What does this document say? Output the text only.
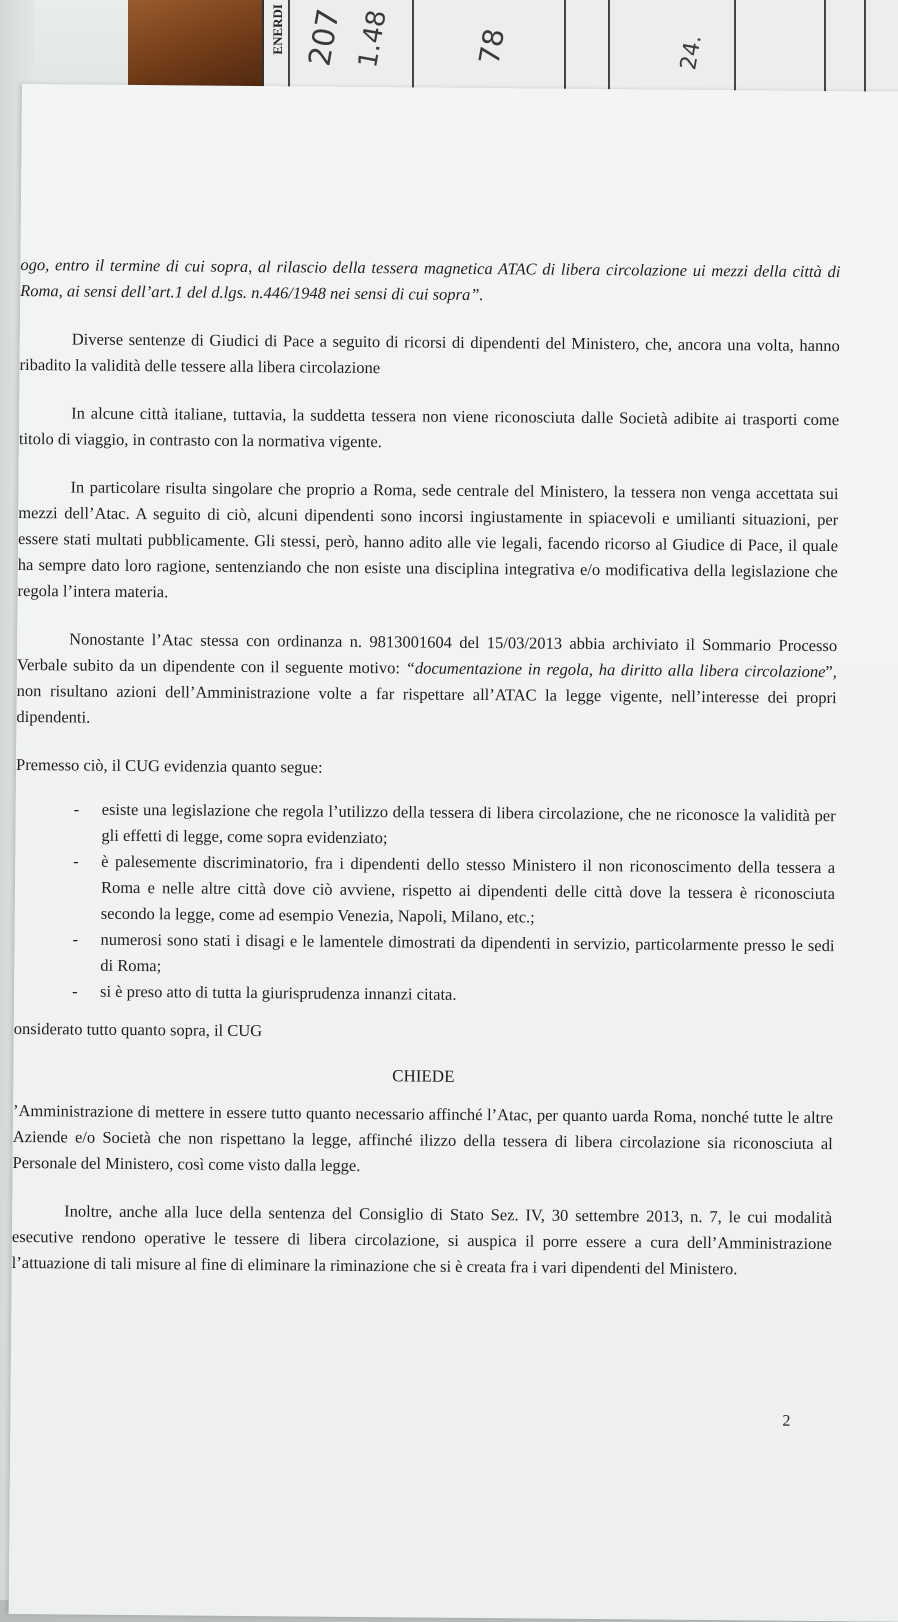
ENERDI 207 1.48	78	24.

ogo, entro il termine di cui sopra, al rilascio della tessera magnetica ATAC di libera circolazione ui mezzi della città di Roma, ai sensi dell’art.1 del d.lgs. n.446/1948 nei sensi di cui sopra”.

Diverse sentenze di Giudici di Pace a seguito di ricorsi di dipendenti del Ministero, che, ancora una volta, hanno ribadito la validità delle tessere alla libera circolazione

In alcune città italiane, tuttavia, la suddetta tessera non viene riconosciuta dalle Società adibite ai trasporti come titolo di viaggio, in contrasto con la normativa vigente.

In particolare risulta singolare che proprio a Roma, sede centrale del Ministero, la tessera non venga accettata sui mezzi dell’Atac. A seguito di ciò, alcuni dipendenti sono incorsi ingiustamente in spiacevoli e umilianti situazioni, per essere stati multati pubblicamente. Gli stessi, però, hanno adito alle vie legali, facendo ricorso al Giudice di Pace, il quale ha sempre dato loro ragione, sentenziando che non esiste una disciplina integrativa e/o modificativa della legislazione che regola l’intera materia.

Nonostante l’Atac stessa con ordinanza n. 9813001604 del 15/03/2013 abbia archiviato il Sommario Processo Verbale subito da un dipendente con il seguente motivo: “documentazione in regola, ha diritto alla libera circolazione”, non risultano azioni dell’Amministrazione volte a far rispettare all’ATAC la legge vigente, nell’interesse dei propri dipendenti.

Premesso ciò, il CUG evidenzia quanto segue:

- esiste una legislazione che regola l’utilizzo della tessera di libera circolazione, che ne riconosce la validità per gli effetti di legge, come sopra evidenziato;
- è palesemente discriminatorio, fra i dipendenti dello stesso Ministero il non riconoscimento della tessera a Roma e nelle altre città dove ciò avviene, rispetto ai dipendenti delle città dove la tessera è riconosciuta secondo la legge, come ad esempio Venezia, Napoli, Milano, etc.;
- numerosi sono stati i disagi e le lamentele dimostrati da dipendenti in servizio, particolarmente presso le sedi di Roma;
- si è preso atto di tutta la giurisprudenza innanzi citata.

onsiderato tutto quanto sopra, il CUG

CHIEDE

’Amministrazione di mettere in essere tutto quanto necessario affinché l’Atac, per quanto uarda Roma, nonché tutte le altre Aziende e/o Società che non rispettano la legge, affinché ilizzo della tessera di libera circolazione sia riconosciuta al Personale del Ministero, così come visto dalla legge.

Inoltre, anche alla luce della sentenza del Consiglio di Stato Sez. IV, 30 settembre 2013, n. 7, le cui modalità esecutive rendono operative le tessere di libera circolazione, si auspica il porre essere a cura dell’Amministrazione l’attuazione di tali misure al fine di eliminare la riminazione che si è creata fra i vari dipendenti del Ministero.

2
